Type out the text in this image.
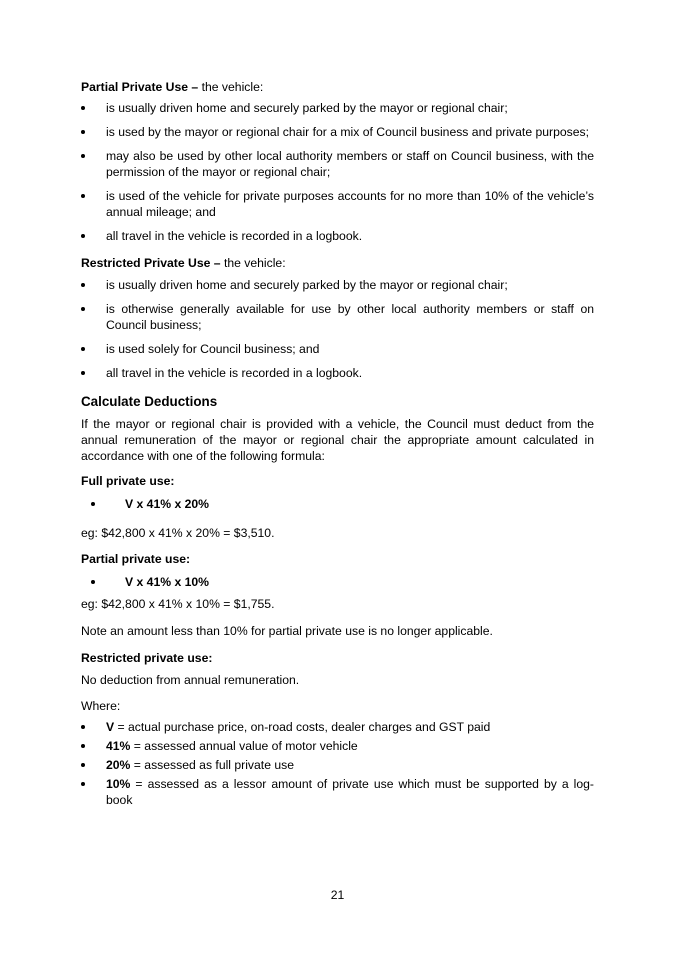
Partial Private Use – the vehicle:

is usually driven home and securely parked by the mayor or regional chair;
is used by the mayor or regional chair for a mix of Council business and private purposes;
may also be used by other local authority members or staff on Council business, with the permission of the mayor or regional chair;
is used of the vehicle for private purposes accounts for no more than 10% of the vehicle’s annual mileage; and
all travel in the vehicle is recorded in a logbook.

Restricted Private Use – the vehicle:

is usually driven home and securely parked by the mayor or regional chair;
is otherwise generally available for use by other local authority members or staff on Council business;
is used solely for Council business; and
all travel in the vehicle is recorded in a logbook.
Calculate Deductions

If the mayor or regional chair is provided with a vehicle, the Council must deduct from the annual remuneration of the mayor or regional chair the appropriate amount calculated in accordance with one of the following formula:

Full private use:

V x 41% x 20%

eg: $42,800 x 41% x 20% = $3,510.

Partial private use:

V x 41% x 10%

eg: $42,800 x 41% x 10% = $1,755.

Note an amount less than 10% for partial private use is no longer applicable.

Restricted private use:

No deduction from annual remuneration.

Where:

V = actual purchase price, on-road costs, dealer charges and GST paid
41% = assessed annual value of motor vehicle
20% = assessed as full private use
10% = assessed as a lessor amount of private use which must be supported by a log-book
21
